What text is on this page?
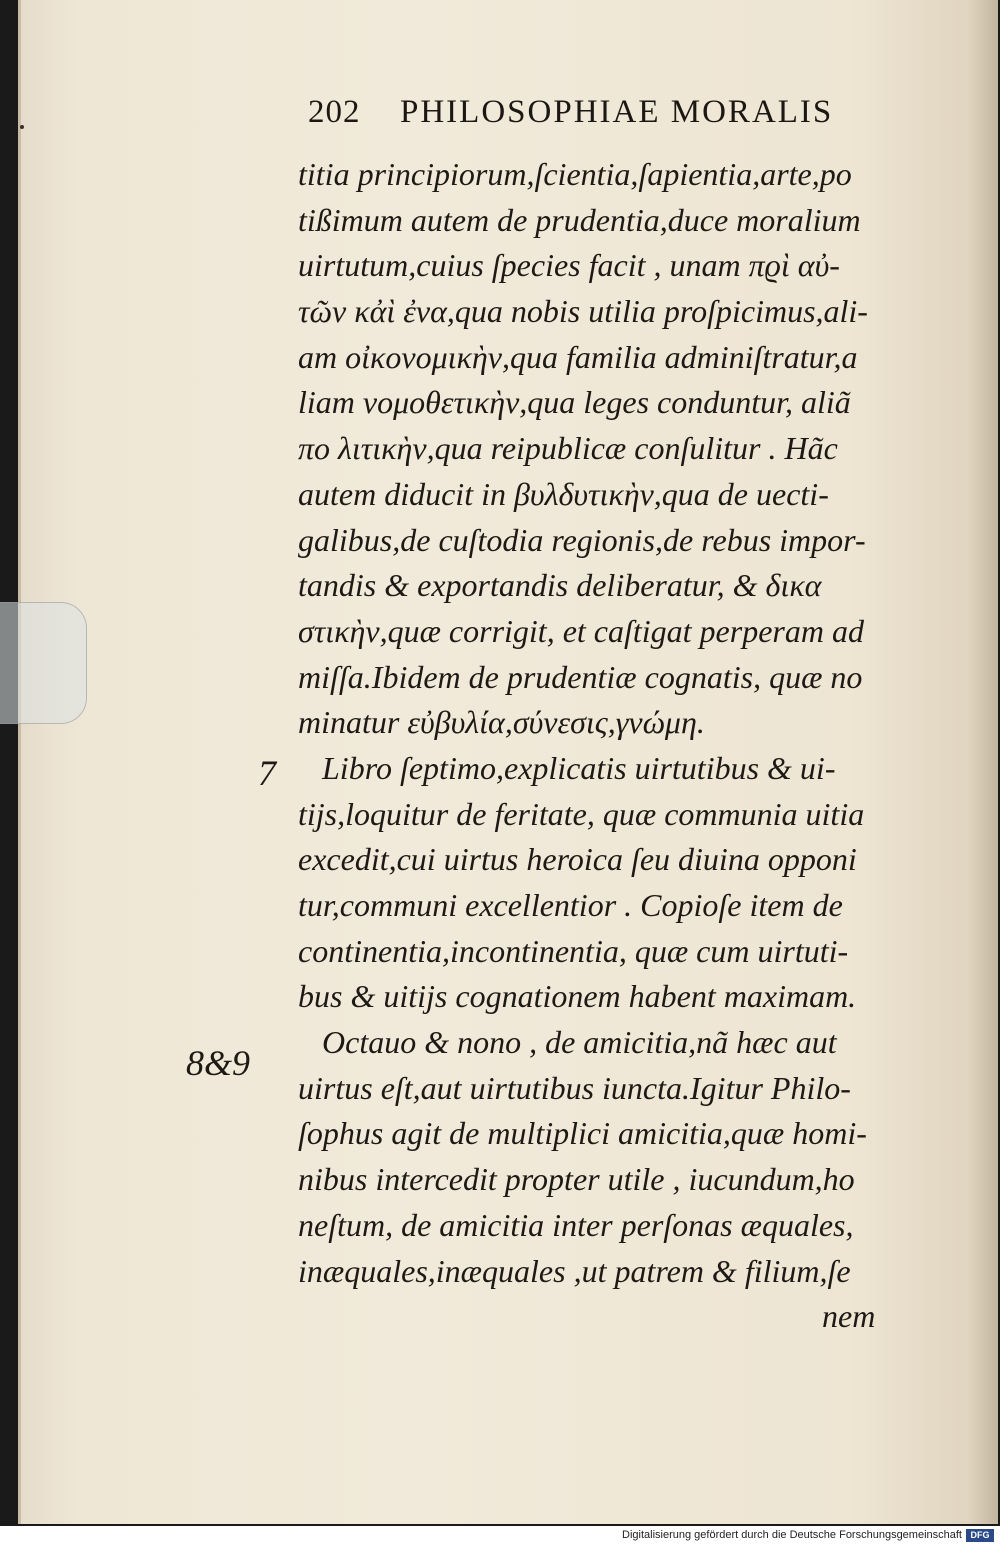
202 PHILOSOPHIAE MORALIS
7
8&9
titia principiorum,ſcientia,ſapientia,arte,po
tißimum autem de prudentia,duce moralium
uirtutum,cuius ſpecies facit , unam πϱὶ αὐ-
τῶν κἀὶ ἐνα,qua nobis utilia proſpicimus,ali-
am οἰκονομικὴν,qua familia adminiſtratur,a
liam νομοθετικὴν,qua leges conduntur, aliã
πο λιτικὴν,qua reipublicæ conſulitur . Hãc
autem diducit in βυλδυτικὴν,qua de uecti-
galibus,de cuſtodia regionis,de rebus impor-
tandis & exportandis deliberatur, & δικα
στικὴν,quæ corrigit, et caſtigat perperam ad
miſſa.Ibidem de prudentiæ cognatis, quæ no
minatur εὐβυλία,σύνεσις,γνώμη.
Libro ſeptimo,explicatis uirtutibus & ui-
tijs,loquitur de feritate, quæ communia uitia
excedit,cui uirtus heroica ſeu diuina opponi
tur,communi excellentior . Copioſe item de
continentia,incontinentia, quæ cum uirtuti-
bus & uitijs cognationem habent maximam.
Octauo & nono , de amicitia,nã hæc aut
uirtus eſt,aut uirtutibus iuncta.Igitur Philo-
ſophus agit de multiplici amicitia,quæ homi-
nibus intercedit propter utile , iucundum,ho
neſtum, de amicitia inter perſonas æquales,
inæquales,inæquales ,ut patrem & filium,ſe
nem
Digitalisierung gefördert durch die Deutsche Forschungsgemeinschaft DFG
